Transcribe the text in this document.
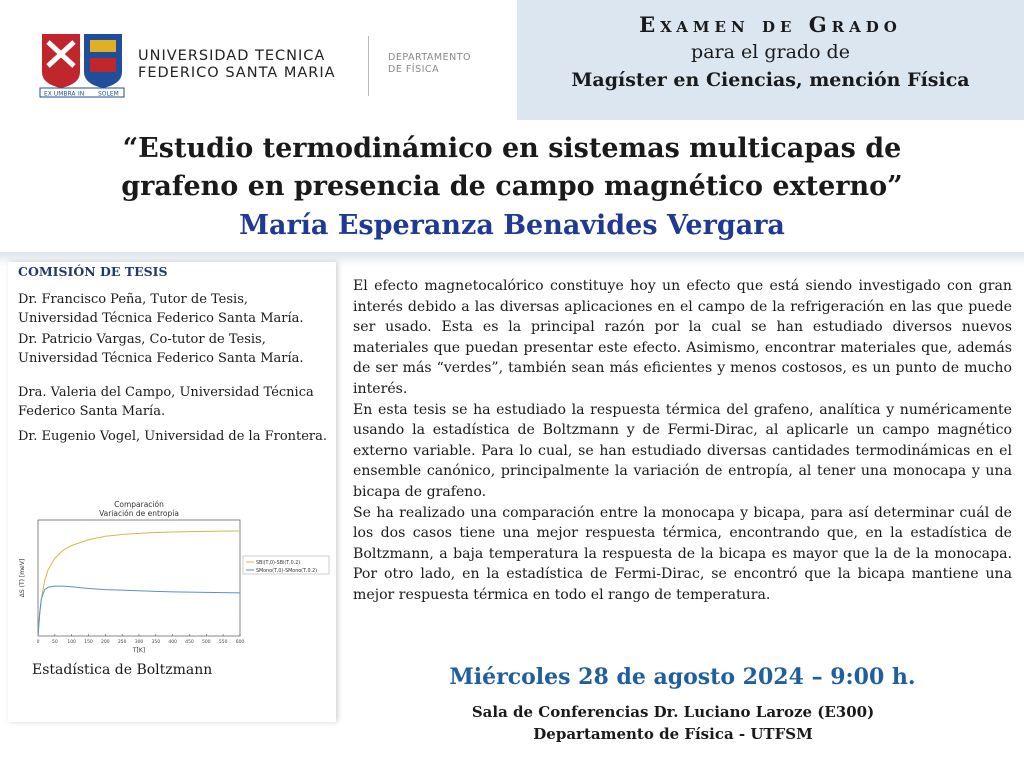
EX UMBRA IN SOLEM
UNIVERSIDAD TECNICA
FEDERICO SANTA MARIA
DEPARTAMENTO
DE FÍSICA
Examen de Grado
para el grado de
Magíster en Ciencias, mención Física
“Estudio termodinámico en sistemas multicapas de
grafeno en presencia de campo magnético externo”
María Esperanza Benavides Vergara
COMISIÓN DE TESIS
Dr. Francisco Peña, Tutor de Tesis, Universidad Técnica Federico Santa María.
Dr. Patricio Vargas, Co-tutor de Tesis, Universidad Técnica Federico Santa María.
Dra. Valeria del Campo, Universidad Técnica Federico Santa María.
Dr. Eugenio Vogel, Universidad de la Frontera.
Comparación
Variación de entropía
0	50 100 150 200 250 300 350 400 450 500 550 600
T[K]
ΔS (T) [meV]	SBi(T,0)-SBi(T,0.2)
SMono(T,0)-SMono(T,0.2)
Estadística de Boltzmann

El efecto magnetocalórico constituye hoy un efecto que está siendo investigado con gran interés debido a las diversas aplicaciones en el campo de la refrigeración en las que puede ser usado. Esta es la principal razón por la cual se han estudiado diversos nuevos materiales que puedan presentar este efecto. Asimismo, encontrar materiales que, además de ser más “verdes”, también sean más eficientes y menos costosos, es un punto de mucho interés.

En esta tesis se ha estudiado la respuesta térmica del grafeno, analítica y numéricamente usando la estadística de Boltzmann y de Fermi-Dirac, al aplicarle un campo magnético externo variable. Para lo cual, se han estudiado diversas cantidades termodinámicas en el ensemble canónico, principalmente la variación de entropía, al tener una monocapa y una bicapa de grafeno.

Se ha realizado una comparación entre la monocapa y bicapa, para así determinar cuál de los dos casos tiene una mejor respuesta térmica, encontrando que, en la estadística de Boltzmann, a baja temperatura la respuesta de la bicapa es mayor que la de la monocapa. Por otro lado, en la estadística de Fermi-Dirac, se encontró que la bicapa mantiene una mejor respuesta térmica en todo el rango de temperatura.

Miércoles 28 de agosto 2024 – 9:00 h.
Sala de Conferencias Dr. Luciano Laroze (E300)
Departamento de Física - UTFSM
